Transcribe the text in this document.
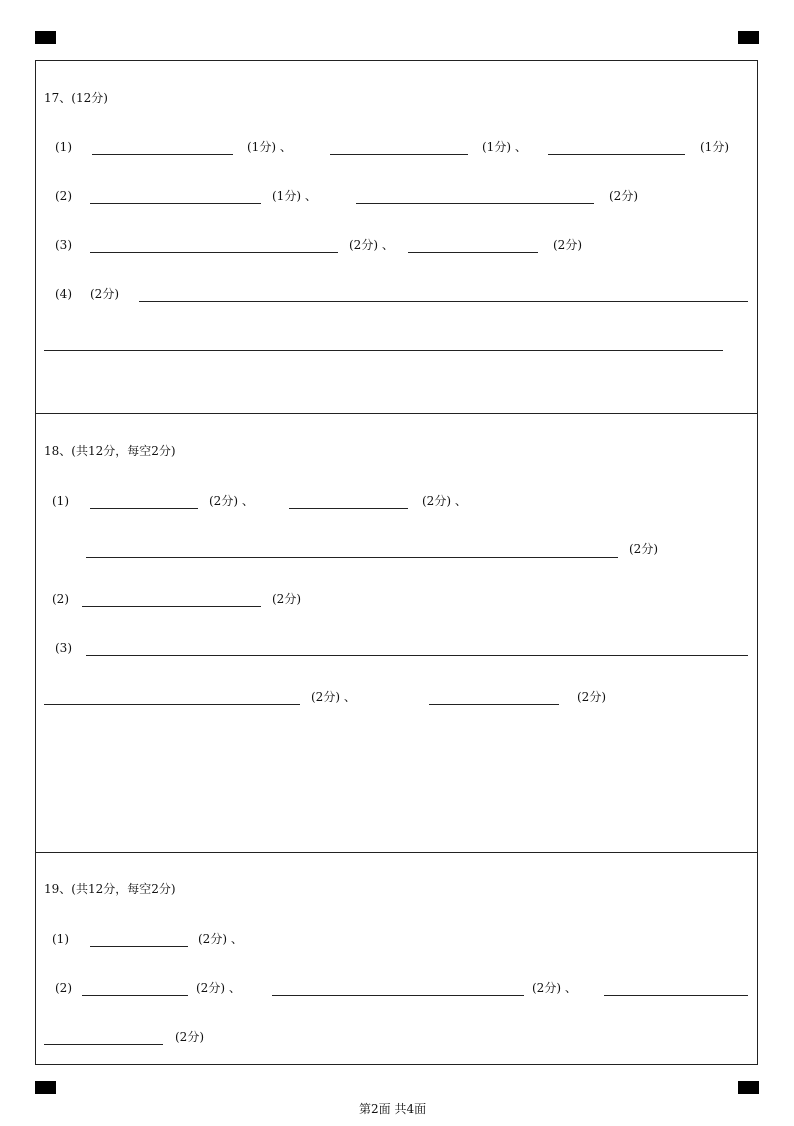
17、(12分)
(1)	(1分) 、	(1分) 、	(1分)
(2)	(1分) 、	(2分)
(3)	(2分) 、	(2分)
(4) (2分)
18、(共12分，每空2分)
(1)	(2分) 、	(2分) 、
(2分)
(2)	(2分)
(3)
(2分) 、	(2分)
19、(共12分，每空2分)
(1)	(2分) 、
(2)	(2分) 、	(2分) 、
(2分)
第2面 共4面
